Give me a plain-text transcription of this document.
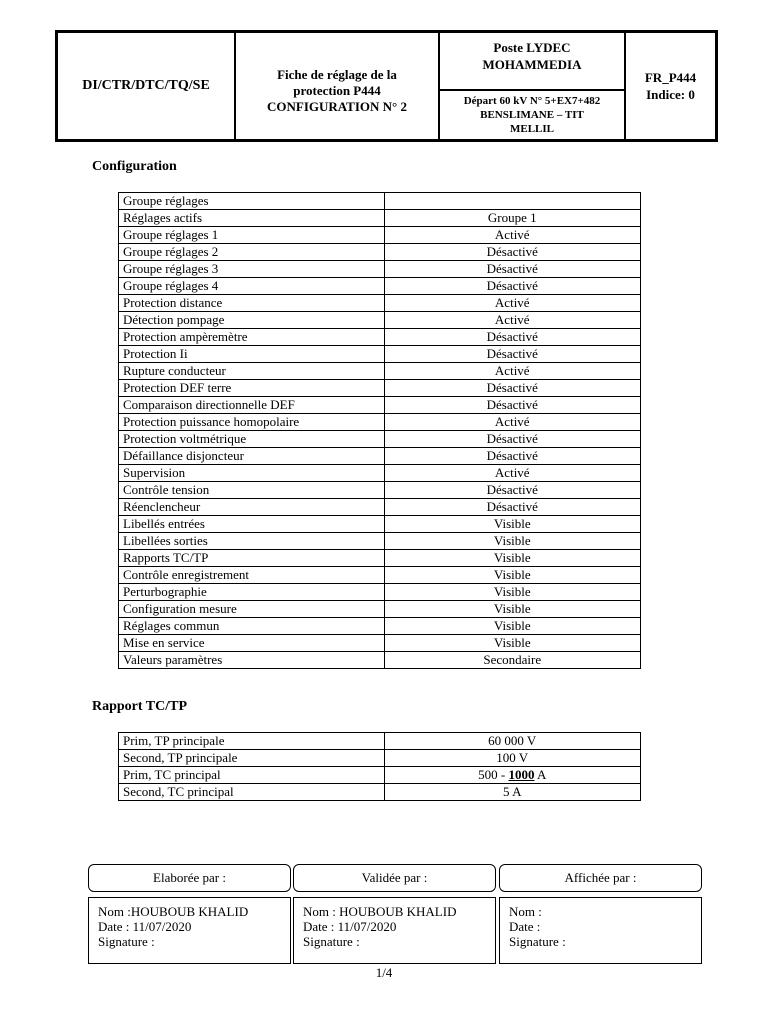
DI/CTR/DTC/TQ/SE
Fiche de réglage de la
protection P444
CONFIGURATION N° 2
Poste LYDEC
MOHAMMEDIA
Départ 60 kV N° 5+EX7+482
BENSLIMANE – TIT
MELLIL
FR_P444
Indice: 0
Configuration
Groupe réglages	
Réglages actifs	Groupe 1
Groupe réglages 1	Activé
Groupe réglages 2	Désactivé
Groupe réglages 3	Désactivé
Groupe réglages 4	Désactivé
Protection distance	Activé
Détection pompage	Activé
Protection ampèremètre	Désactivé
Protection Ii	Désactivé
Rupture conducteur	Activé
Protection DEF terre	Désactivé
Comparaison directionnelle DEF	Désactivé
Protection puissance homopolaire	Activé
Protection voltmétrique	Désactivé
Défaillance disjoncteur	Désactivé
Supervision	Activé
Contrôle tension	Désactivé
Réenclencheur	Désactivé
Libellés entrées	Visible
Libellées sorties	Visible
Rapports TC/TP	Visible
Contrôle enregistrement	Visible
Perturbographie	Visible
Configuration mesure	Visible
Réglages commun	Visible
Mise en service	Visible
Valeurs paramètres	Secondaire
Rapport TC/TP
Prim, TP principale	60 000 V
Second, TP principale	100 V
Prim, TC principal	500 - 1000 A
Second, TC principal	5 A
Elaborée par :	Validée par :	Affichée par :
Nom :HOUBOUB KHALID
Date : 11/07/2020
Signature :
Nom : HOUBOUB KHALID
Date : 11/07/2020
Signature :
Nom :
Date :
Signature :
1/4
